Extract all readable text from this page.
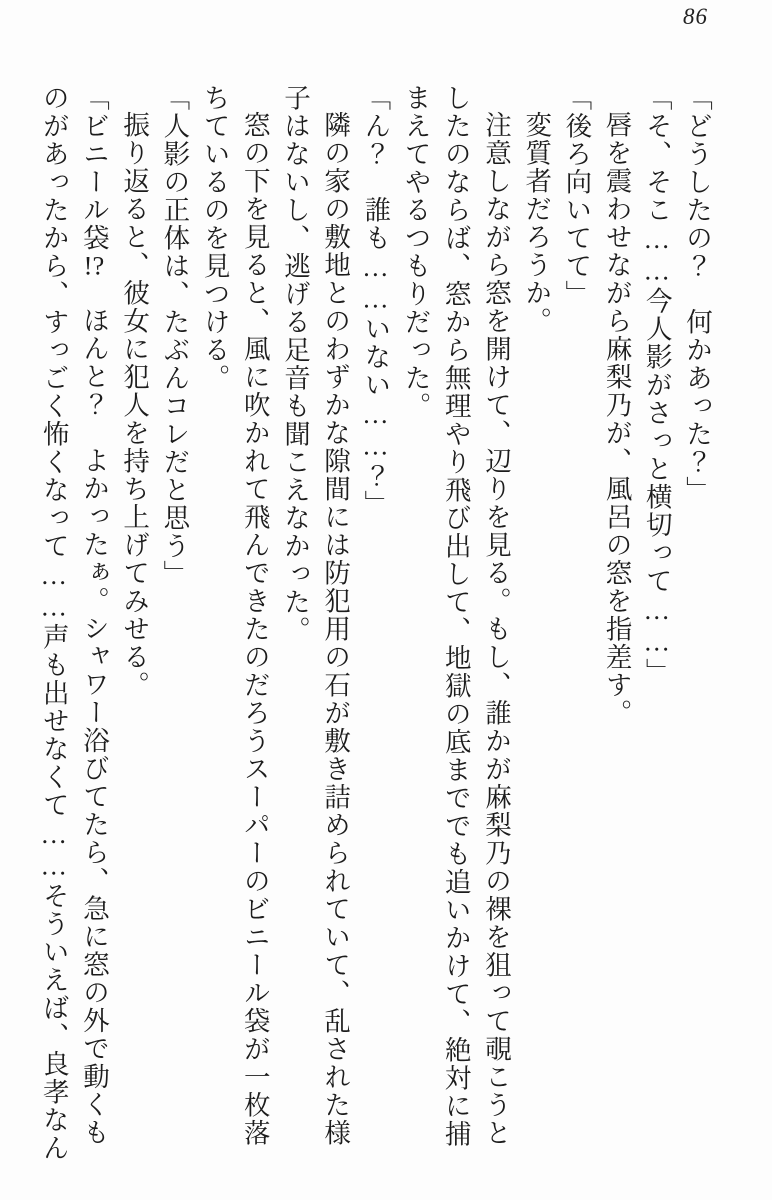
86

「どうしたの？　何かあった？」

「そ、そこ……今人影がさっと横切って……」

唇を震わせながら麻梨乃が、風呂の窓を指差す。

「後ろ向いてて」

変質者だろうか。

注意しながら窓を開けて、辺りを見る。もし、誰かが麻梨乃の裸を狙って覗こうと

したのならば、窓から無理やり飛び出して、地獄の底まででも追いかけて、絶対に捕

まえてやるつもりだった。

「ん？　誰も……いない……？」

隣の家の敷地とのわずかな隙間には防犯用の石が敷き詰められていて、乱された様

子はないし、逃げる足音も聞こえなかった。

窓の下を見ると、風に吹かれて飛んできたのだろうスーパーのビニール袋が一枚落

ちているのを見つける。

「人影の正体は、たぶんコレだと思う」

振り返ると、彼女に犯人を持ち上げてみせる。

「ビニール袋!?　ほんと？　よかったぁ。シャワー浴びてたら、急に窓の外で動くも

のがあったから、すっごく怖くなって……声も出せなくて……そういえば、良孝なん
